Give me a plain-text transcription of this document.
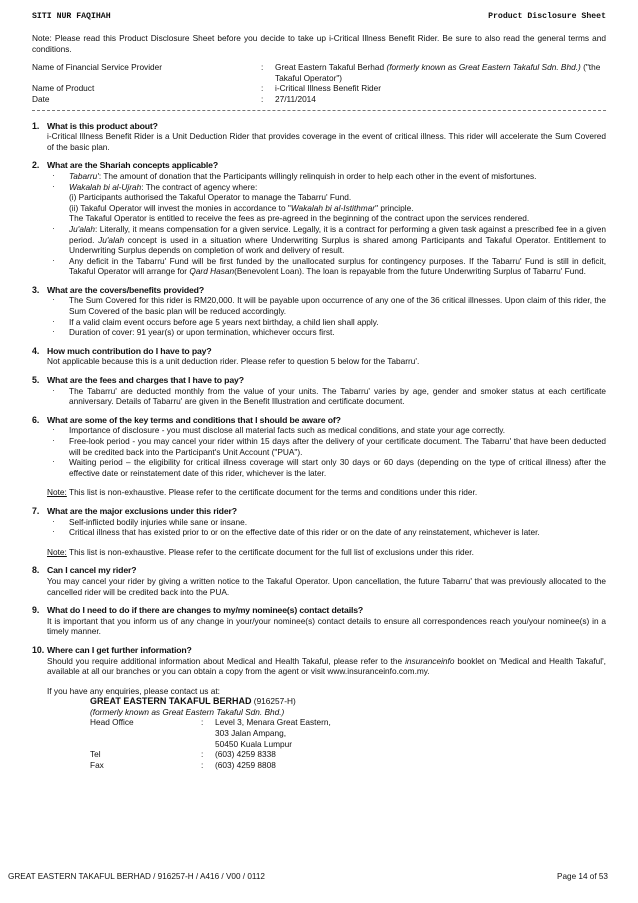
SITI NUR FAQIHAH	Product Disclosure Sheet

Note: Please read this Product Disclosure Sheet before you decide to take up i-Critical Illness Benefit Rider. Be sure to also read the general terms and conditions.

Name of Financial Service Provider	:	Great Eastern Takaful Berhad (formerly known as Great Eastern Takaful Sdn. Bhd.) ("the Takaful Operator")
Name of Product	:	i-Critical Illness Benefit Rider
Date	:	27/11/2014
1. What is this product about?

i-Critical Illness Benefit Rider is a Unit Deduction Rider that provides coverage in the event of critical illness. This rider will accelerate the Sum Covered of the basic plan.

2. What are the Shariah concepts applicable?

· Tabarru': The amount of donation that the Participants willingly relinquish in order to help each other in the event of misfortunes.
· Wakalah bi al-Ujrah: The contract of agency where:
(i) Participants authorised the Takaful Operator to manage the Tabarru' Fund.
(ii) Takaful Operator will invest the monies in accordance to "Wakalah bi al-Istithmar" principle.
The Takaful Operator is entitled to receive the fees as pre-agreed in the beginning of the contract upon the services rendered.
· Ju'alah: Literally, it means compensation for a given service. Legally, it is a contract for performing a given task against a prescribed fee in a given period. Ju'alah concept is used in a situation where Underwriting Surplus is shared among Participants and Takaful Operator. Entitlement to Underwriting Surplus depends on completion of work and delivery of result.
· Any deficit in the Tabarru' Fund will be first funded by the unallocated surplus for contingency purposes. If the Tabarru' Fund is still in deficit, Takaful Operator will arrange for Qard Hasan(Benevolent Loan). The loan is repayable from the future Underwriting Surplus of Tabarru' Fund.
3. What are the covers/benefits provided?

· The Sum Covered for this rider is RM20,000. It will be payable upon occurrence of any one of the 36 critical illnesses. Upon claim of this rider, the Sum Covered of the basic plan will be reduced accordingly.
· If a valid claim event occurs before age 5 years next birthday, a child lien shall apply.
· Duration of cover: 91 year(s) or upon termination, whichever occurs first.
4. How much contribution do I have to pay?

Not applicable because this is a unit deduction rider. Please refer to question 5 below for the Tabarru'.

5. What are the fees and charges that I have to pay?

· The Tabarru' are deducted monthly from the value of your units. The Tabarru' varies by age, gender and smoker status at each certificate anniversary. Details of Tabarru' are given in the Benefit Illustration and certificate document.
6. What are some of the key terms and conditions that I should be aware of?

· Importance of disclosure - you must disclose all material facts such as medical conditions, and state your age correctly.
· Free-look period - you may cancel your rider within 15 days after the delivery of your certificate document. The Tabarru' that have been deducted will be credited back into the Participant's Unit Account ("PUA").
· Waiting period – the eligibility for critical illness coverage will start only 30 days or 60 days (depending on the type of critical illness) after the effective date or reinstatement date of this rider, whichever is the later.

Note: This list is non-exhaustive. Please refer to the certificate document for the terms and conditions under this rider.

7. What are the major exclusions under this rider?

· Self-inflicted bodily injuries while sane or insane.
· Critical illness that has existed prior to or on the effective date of this rider or on the date of any reinstatement, whichever is later.

Note: This list is non-exhaustive. Please refer to the certificate document for the full list of exclusions under this rider.

8. Can I cancel my rider?

You may cancel your rider by giving a written notice to the Takaful Operator. Upon cancellation, the future Tabarru' that was previously allocated to the cancelled rider will be credited back into the PUA.

9. What do I need to do if there are changes to my/my nominee(s) contact details?

It is important that you inform us of any change in your/your nominee(s) contact details to ensure all correspondences reach you/your nominee(s) in a timely manner.

10. Where can I get further information?

Should you require additional information about Medical and Health Takaful, please refer to the insuranceinfo booklet on 'Medical and Health Takaful', available at all our branches or you can obtain a copy from the agent or visit www.insuranceinfo.com.my.

If you have any enquiries, please contact us at:

GREAT EASTERN TAKAFUL BERHAD (916257-H)

(formerly known as Great Eastern Takaful Sdn. Bhd.)

Head Office	:	Level 3, Menara Great Eastern,
303 Jalan Ampang,
50450 Kuala Lumpur
Tel	:	(603) 4259 8338
Fax	:	(603) 4259 8808
GREAT EASTERN TAKAFUL BERHAD / 916257-H / A416 / V00 / 0112	Page 14 of 53
